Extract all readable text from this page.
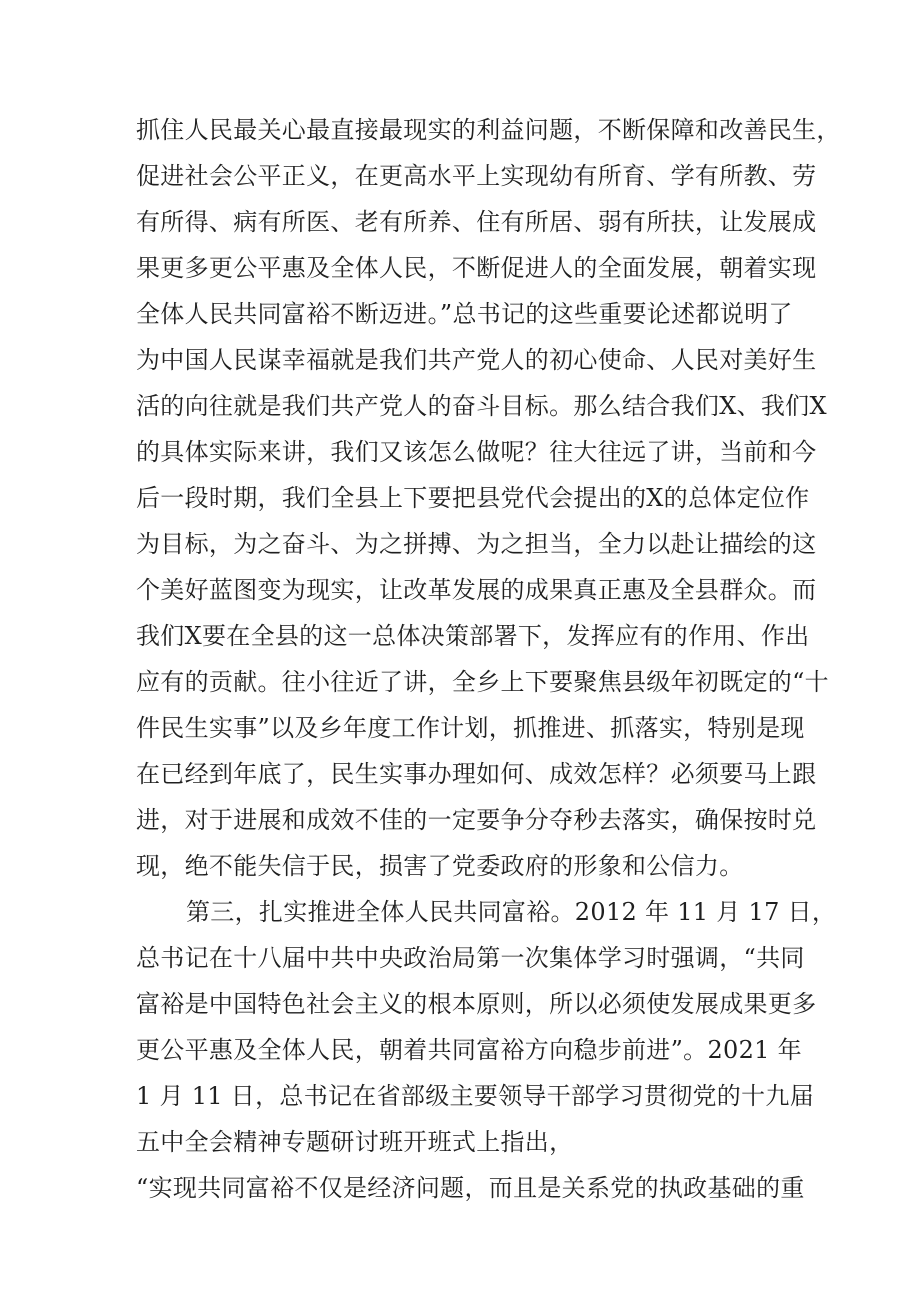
抓住人民最关心最直接最现实的利益问题，不断保障和改善民生，
促进社会公平正义，在更高水平上实现幼有所育、学有所教、劳
有所得、病有所医、老有所养、住有所居、弱有所扶，让发展成
果更多更公平惠及全体人民，不断促进人的全面发展，朝着实现
全体人民共同富裕不断迈进。”总书记的这些重要论述都说明了
为中国人民谋幸福就是我们共产党人的初心使命、人民对美好生
活的向往就是我们共产党人的奋斗目标。那么结合我们X、我们X
的具体实际来讲，我们又该怎么做呢？往大往远了讲，当前和今
后一段时期，我们全县上下要把县党代会提出的X的总体定位作
为目标，为之奋斗、为之拼搏、为之担当，全力以赴让描绘的这
个美好蓝图变为现实，让改革发展的成果真正惠及全县群众。而
我们X要在全县的这一总体决策部署下，发挥应有的作用、作出
应有的贡献。往小往近了讲，全乡上下要聚焦县级年初既定的“十
件民生实事”以及乡年度工作计划，抓推进、抓落实，特别是现
在已经到年底了，民生实事办理如何、成效怎样？必须要马上跟
进，对于进展和成效不佳的一定要争分夺秒去落实，确保按时兑
现，绝不能失信于民，损害了党委政府的形象和公信力。
第三，扎实推进全体人民共同富裕。2012 年 11 月 17 日，
总书记在十八届中共中央政治局第一次集体学习时强调，“共同
富裕是中国特色社会主义的根本原则，所以必须使发展成果更多
更公平惠及全体人民，朝着共同富裕方向稳步前进”。2021 年
1 月 11 日，总书记在省部级主要领导干部学习贯彻党的十九届
五中全会精神专题研讨班开班式上指出，
“实现共同富裕不仅是经济问题，而且是关系党的执政基础的重
